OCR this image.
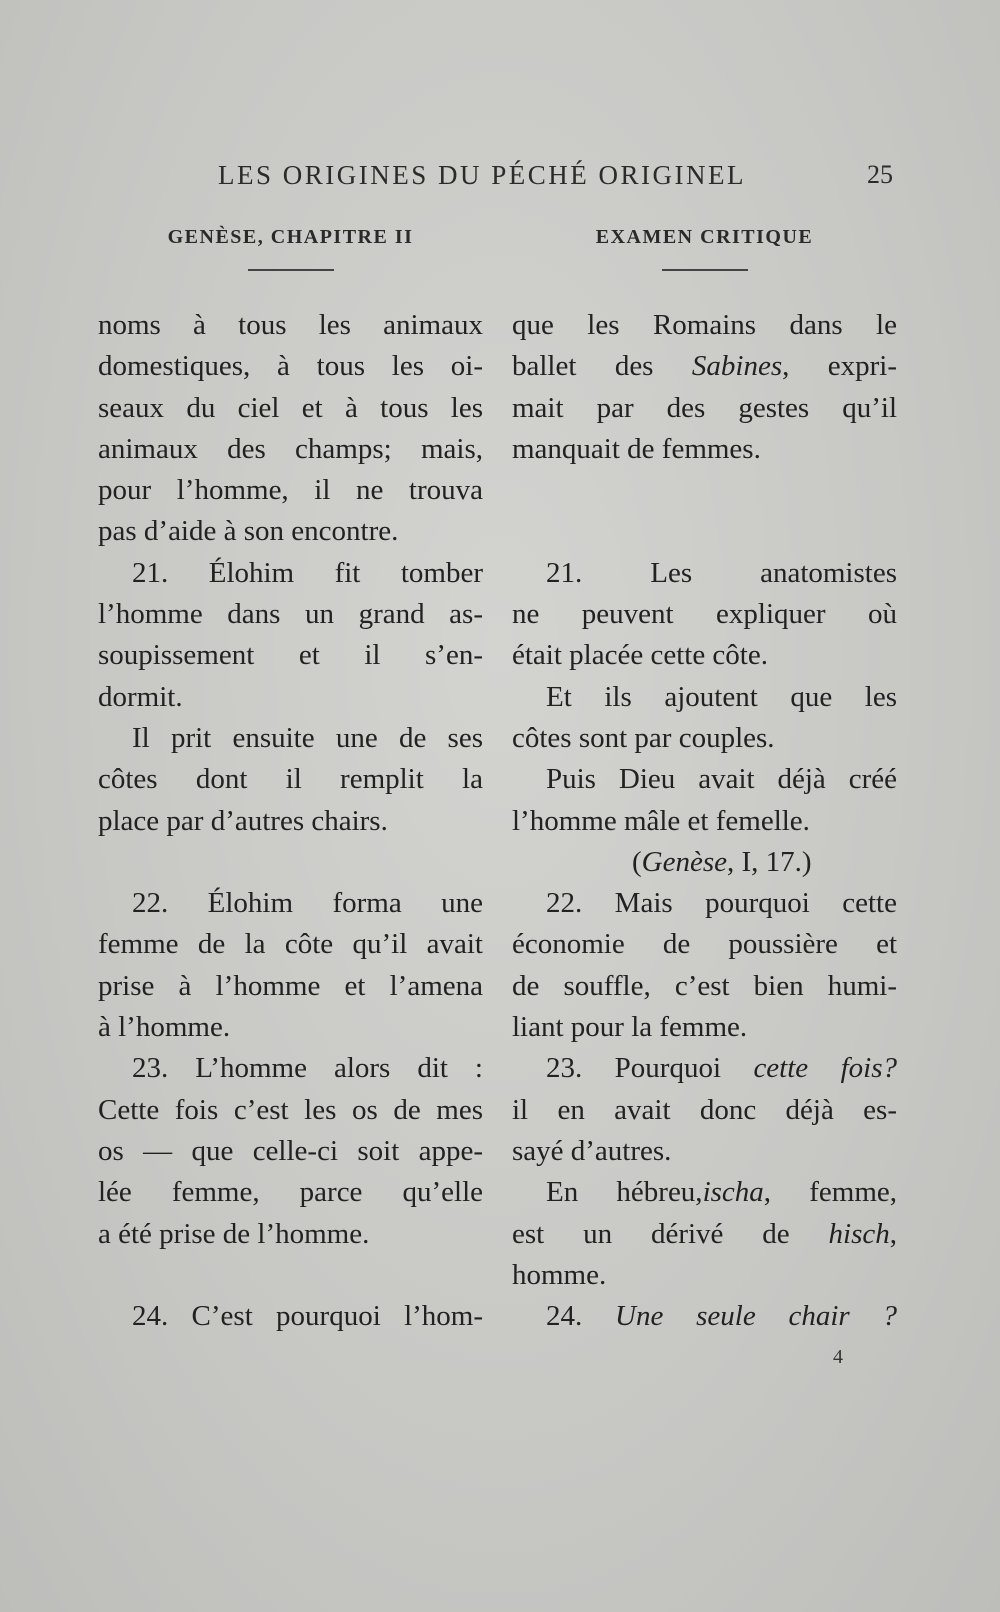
LES ORIGINES DU PÉCHÉ ORIGINEL	25
GENÈSE, CHAPITRE II
noms à tous les animaux
domestiques, à tous les oi-
seaux du ciel et à tous les
animaux des champs; mais,
pour l’homme, il ne trouva
pas d’aide à son encontre.
21. Élohim fit tomber
l’homme dans un grand as-
soupissement et il s’en-
dormit.
Il prit ensuite une de ses
côtes dont il remplit la
place par d’autres chairs.
22. Élohim forma une
femme de la côte qu’il avait
prise à l’homme et l’amena
à l’homme.
23. L’homme alors dit :
Cette fois c’est les os de mes
os — que celle-ci soit appe-
lée femme, parce qu’elle
a été prise de l’homme.
24. C’est pourquoi l’hom-
EXAMEN CRITIQUE
que les Romains dans le
ballet des Sabines, expri-
mait par des gestes qu’il
manquait de femmes.
21. Les anatomistes
ne peuvent expliquer où
était placée cette côte.
Et ils ajoutent que les
côtes sont par couples.
Puis Dieu avait déjà créé
l’homme mâle et femelle.
(Genèse, I, 17.)
22. Mais pourquoi cette
économie de poussière et
de souffle, c’est bien humi-
liant pour la femme.
23. Pourquoi cette fois?
il en avait donc déjà es-
sayé d’autres.
En hébreu,ischa, femme,
est un dérivé de hisch,
homme.
24. Une seule chair ?
4
